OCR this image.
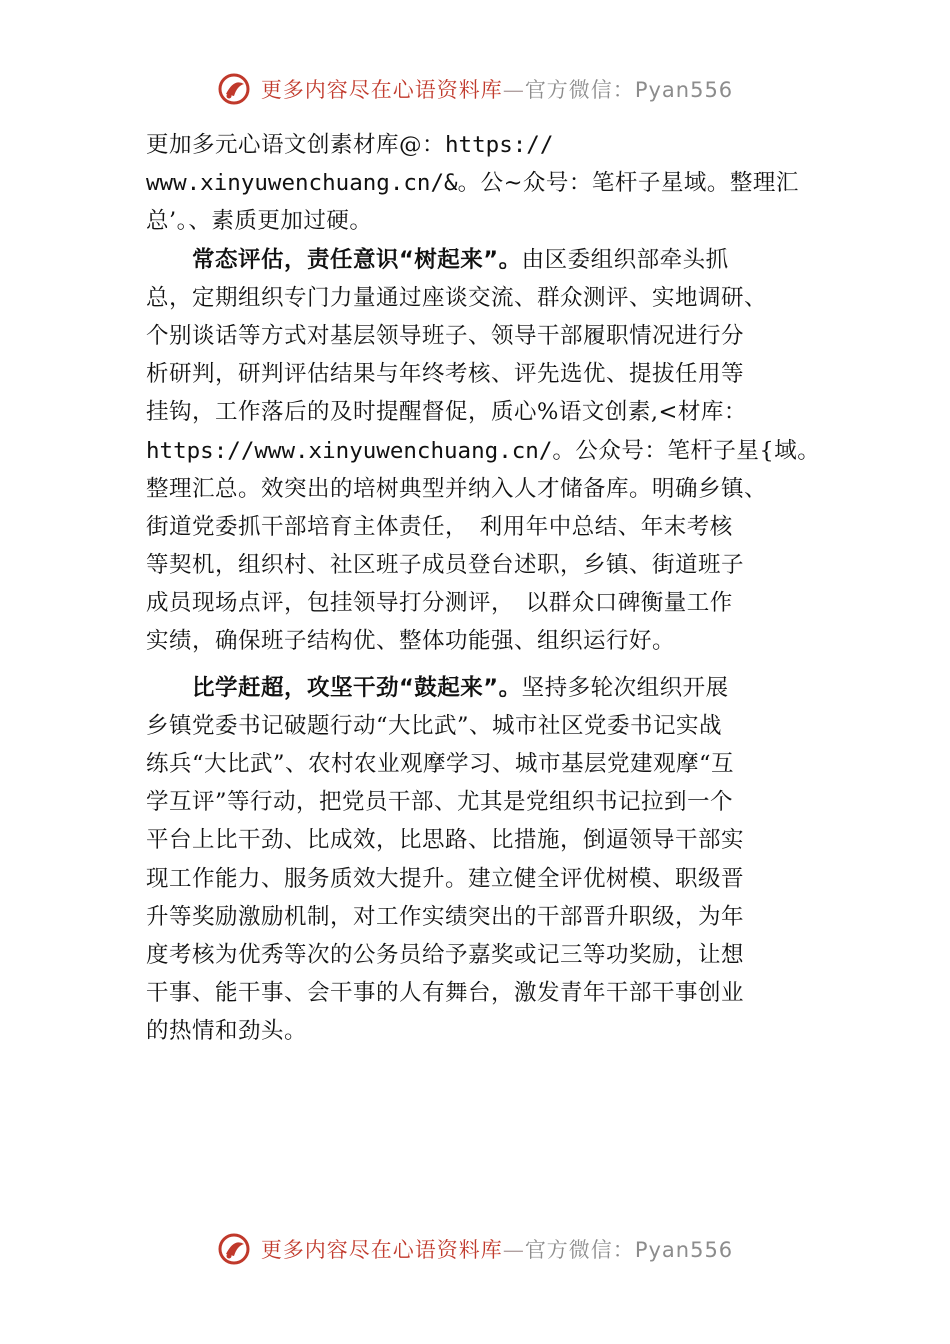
更多内容尽在心语资料库—官方微信：Pyan556
更加多元心语文创素材库@：https://
www.xinyuwenchuang.cn/&。公~众号：笔杆子星域。整理汇
总’。、素质更加过硬。
常态评估，责任意识“树起来”。由区委组织部牵头抓
总，定期组织专门力量通过座谈交流、群众测评、实地调研、
个别谈话等方式对基层领导班子、领导干部履职情况进行分
析研判，研判评估结果与年终考核、评先选优、提拔任用等
挂钩，工作落后的及时提醒督促，质心%语文创素,<材库：
https://www.xinyuwenchuang.cn/。公众号：笔杆子星{域。
整理汇总。效突出的培树典型并纳入人才储备库。明确乡镇、
街道党委抓干部培育主体责任，　利用年中总结、年末考核
等契机，组织村、社区班子成员登台述职，乡镇、街道班子
成员现场点评，包挂领导打分测评，　以群众口碑衡量工作
实绩，确保班子结构优、整体功能强、组织运行好。
比学赶超，攻坚干劲“鼓起来”。坚持多轮次组织开展
乡镇党委书记破题行动“大比武”、城市社区党委书记实战
练兵“大比武”、农村农业观摩学习、城市基层党建观摩“互
学互评”等行动，把党员干部、尤其是党组织书记拉到一个
平台上比干劲、比成效，比思路、比措施，倒逼领导干部实
现工作能力、服务质效大提升。建立健全评优树模、职级晋
升等奖励激励机制，对工作实绩突出的干部晋升职级，为年
度考核为优秀等次的公务员给予嘉奖或记三等功奖励，让想
干事、能干事、会干事的人有舞台，激发青年干部干事创业
的热情和劲头。
更多内容尽在心语资料库—官方微信：Pyan556
